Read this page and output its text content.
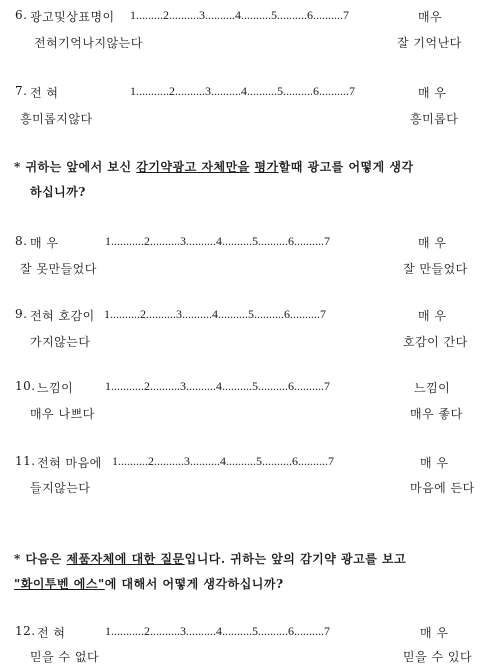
6. 광고및상표명이 1.........2..........3..........4..........5..........6..........7	매우
전혀기억나지않는다	잘 기억난다
7. 전 혀	1...........2..........3..........4..........5..........6..........7	매 우
흥미롭지않다	흥미롭다
* 귀하는 앞에서 보신 감기약광고 자체만을 평가할때 광고를 어떻게 생각
하십니까?
8. 매 우	1...........2..........3..........4..........5..........6..........7	매 우
잘 못만들었다	잘 만들었다
9. 전혀 호감이 1..........2..........3..........4..........5..........6..........7	매 우
가지않는다	호감이 간다
10. 느낌이	1...........2..........3..........4..........5..........6..........7	느낌이
매우 나쁘다	매우 좋다
11. 전혀 마음에 1..........2..........3..........4..........5..........6..........7	매 우
들지않는다	마음에 든다
* 다음은 제품자체에 대한 질문입니다. 귀하는 앞의 감기약 광고를 보고
"화이투벤 에스"에 대해서 어떻게 생각하십니까?
12. 전 혀	1...........2..........3..........4..........5..........6..........7	매 우
믿을 수 없다	믿을 수 있다
